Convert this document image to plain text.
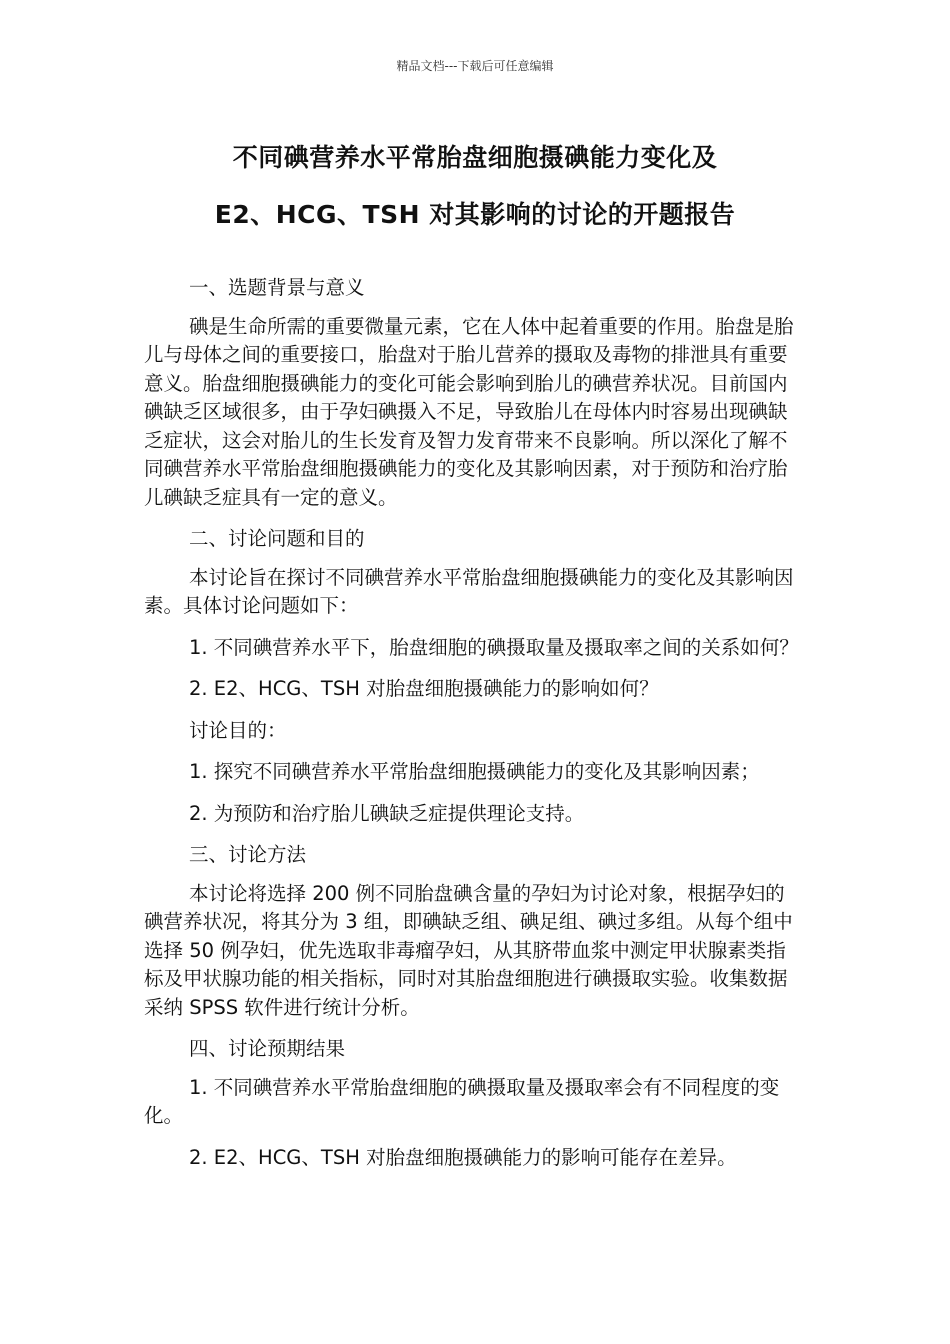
精品文档---下载后可任意编辑
不同碘营养水平常胎盘细胞摄碘能力变化及
E2、HCG、TSH 对其影响的讨论的开题报告

一、选题背景与意义

碘是生命所需的重要微量元素，它在人体中起着重要的作用。胎盘是胎儿与母体之间的重要接口，胎盘对于胎儿营养的摄取及毒物的排泄具有重要意义。胎盘细胞摄碘能力的变化可能会影响到胎儿的碘营养状况。目前国内碘缺乏区域很多，由于孕妇碘摄入不足，导致胎儿在母体内时容易出现碘缺乏症状，这会对胎儿的生长发育及智力发育带来不良影响。所以深化了解不同碘营养水平常胎盘细胞摄碘能力的变化及其影响因素，对于预防和治疗胎儿碘缺乏症具有一定的意义。

二、讨论问题和目的

本讨论旨在探讨不同碘营养水平常胎盘细胞摄碘能力的变化及其影响因素。具体讨论问题如下：

1. 不同碘营养水平下，胎盘细胞的碘摄取量及摄取率之间的关系如何？

2. E2、HCG、TSH 对胎盘细胞摄碘能力的影响如何？

讨论目的：

1. 探究不同碘营养水平常胎盘细胞摄碘能力的变化及其影响因素；

2. 为预防和治疗胎儿碘缺乏症提供理论支持。

三、讨论方法

本讨论将选择 200 例不同胎盘碘含量的孕妇为讨论对象，根据孕妇的碘营养状况，将其分为 3 组，即碘缺乏组、碘足组、碘过多组。从每个组中选择 50 例孕妇，优先选取非毒瘤孕妇，从其脐带血浆中测定甲状腺素类指标及甲状腺功能的相关指标，同时对其胎盘细胞进行碘摄取实验。收集数据采纳 SPSS 软件进行统计分析。

四、讨论预期结果

1. 不同碘营养水平常胎盘细胞的碘摄取量及摄取率会有不同程度的变化。

2. E2、HCG、TSH 对胎盘细胞摄碘能力的影响可能存在差异。
